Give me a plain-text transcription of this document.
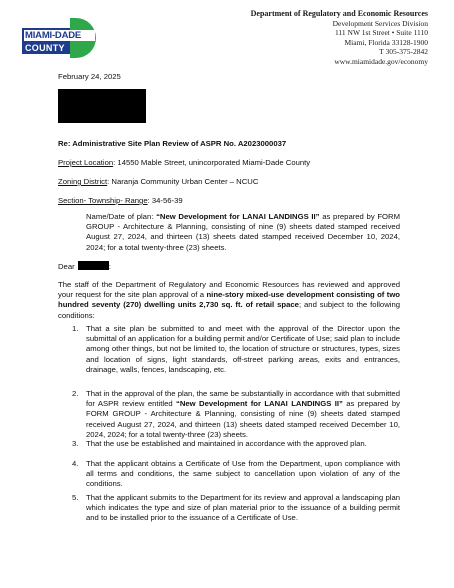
MIAMI-DADE
COUNTY
Department of Regulatory and Economic Resources
Development Services Division
111 NW 1st Street • Suite 1110
Miami, Florida 33128-1900
T 305-375-2842
www.miamidade.gov/economy
February 24, 2025
Re: Administrative Site Plan Review of ASPR No. A2023000037
Project Location: 14550 Mable Street, unincorporated Miami-Dade County
Zoning District: Naranja Community Urban Center – NCUC
Section- Township- Range: 34-56-39
Name/Date of plan: “New Development for LANAI LANDINGS II” as prepared by FORM GROUP - Architecture & Planning, consisting of nine (9) sheets dated stamped received August 27, 2024, and thirteen (13) sheets dated stamped received December 10, 2024, 2024; for a total twenty-three (23) sheets.
Dear	:
The staff of the Department of Regulatory and Economic Resources has reviewed and approved your request for the site plan approval of a nine-story mixed-use development consisting of two hundred seventy (270) dwelling units 2,730 sq. ft. of retail space; and subject to the following conditions:
1. That a site plan be submitted to and meet with the approval of the Director upon the submittal of an application for a building permit and/or Certificate of Use; said plan to include among other things, but not be limited to, the location of structure or structures, types, sizes and location of signs, light standards, off-street parking areas, exits and entrances, drainage, walls, fences, landscaping, etc.
2. That in the approval of the plan, the same be substantially in accordance with that submitted for ASPR review entitled “New Development for LANAI LANDINGS II” as prepared by FORM GROUP - Architecture & Planning, consisting of nine (9) sheets dated stamped received August 27, 2024, and thirteen (13) sheets dated stamped received December 10, 2024, 2024; for a total twenty-three (23) sheets.
3. That the use be established and maintained in accordance with the approved plan.
4. That the applicant obtains a Certificate of Use from the Department, upon compliance with all terms and conditions, the same subject to cancellation upon violation of any of the conditions.
5. That the applicant submits to the Department for its review and approval a landscaping plan which indicates the type and size of plan material prior to the issuance of a building permit and to be installed prior to the issuance of a Certificate of Use.
